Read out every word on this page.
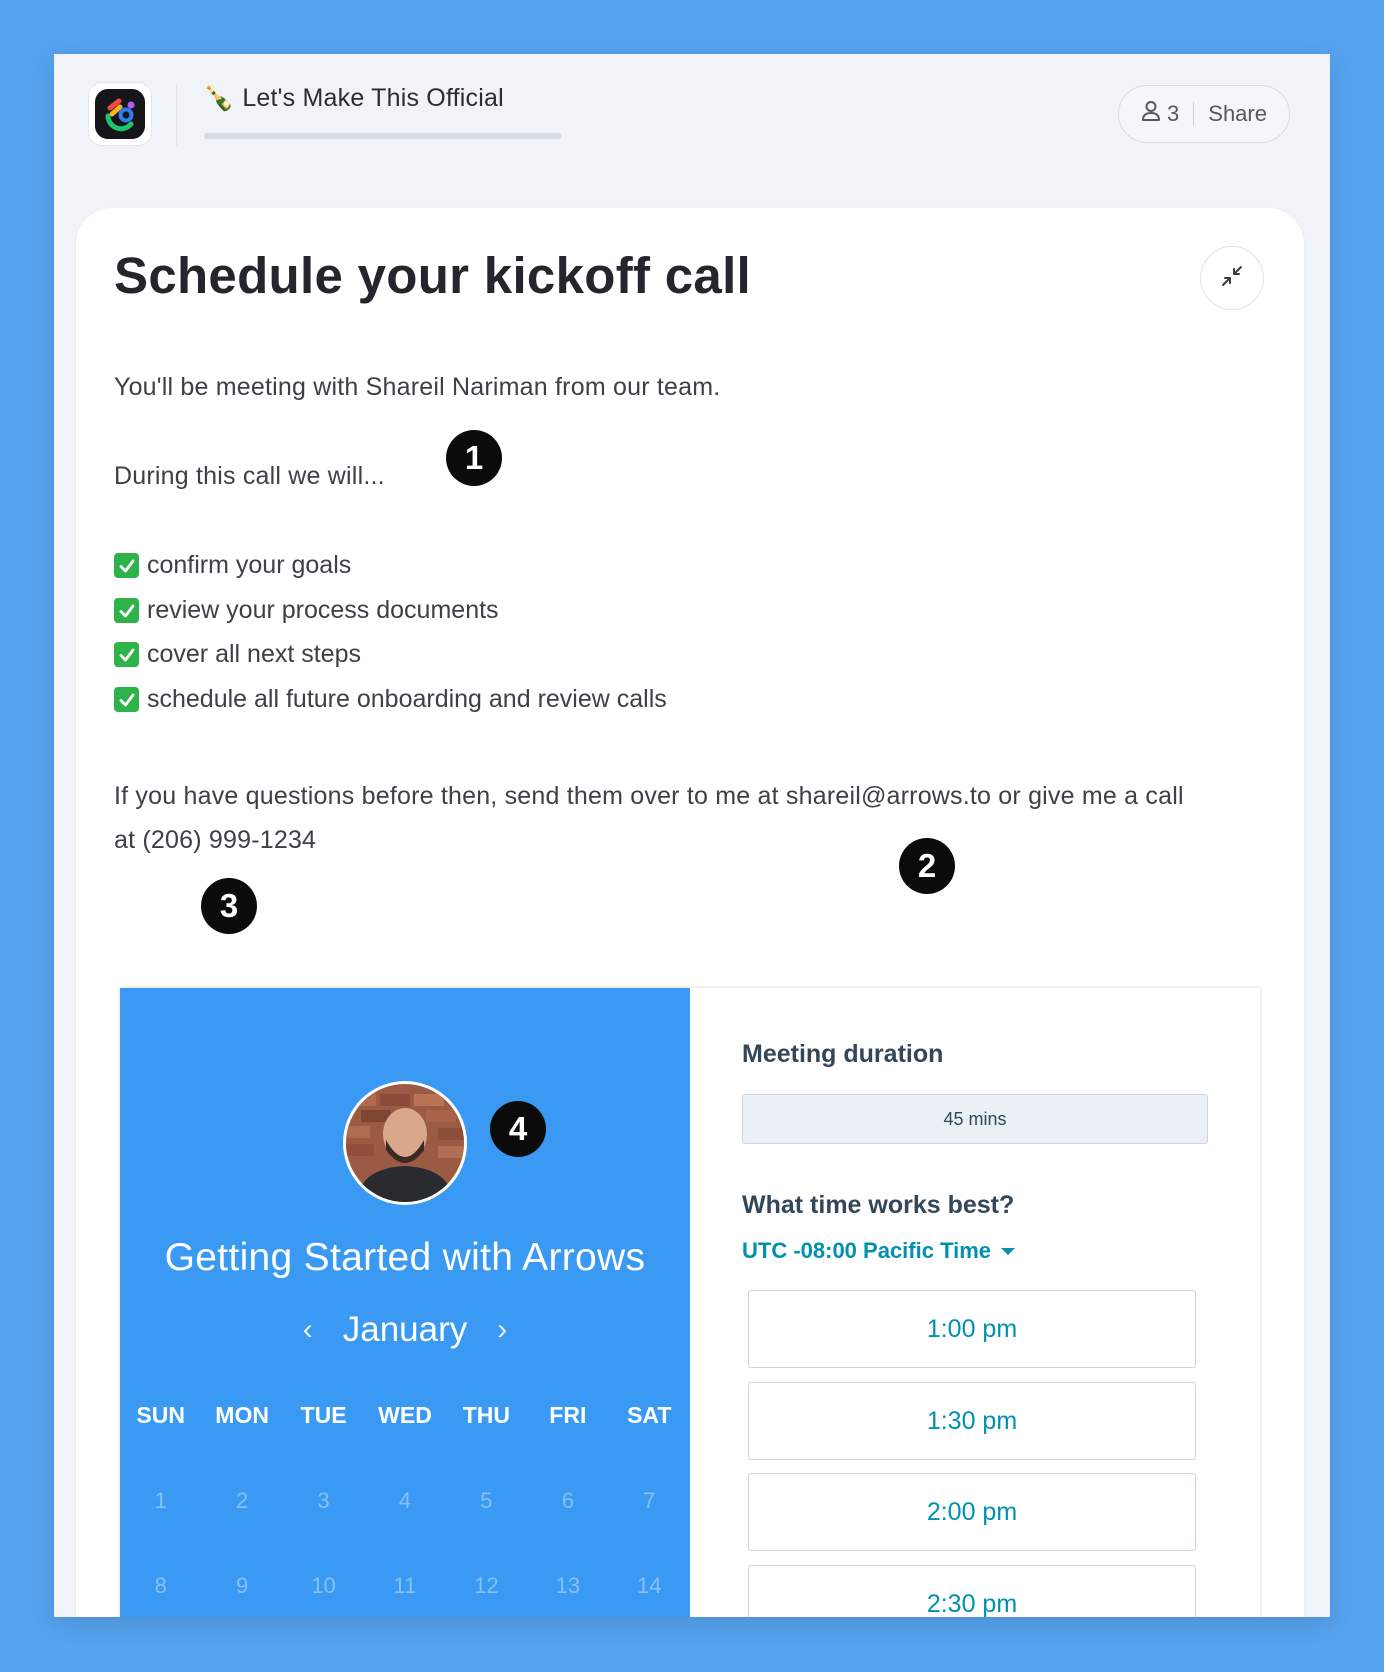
🍾 Let's Make This Official
3 Share
Schedule your kickoff call
You'll be meeting with Shareil Nariman from our team.
During this call we will...
confirm your goals
review your process documents
cover all next steps
schedule all future onboarding and review calls
If you have questions before then, send them over to me at shareil@arrows.to or give me a call
at (206) 999-1234
Getting Started with Arrows
‹ January ›
SUN	MON	TUE	WED	THU	FRI	SAT
1	2	3	4	5	6	7
8	9	10	11	12	13	14
Meeting duration
45 mins
What time works best?
UTC -08:00 Pacific Time
1:00 pm
1:30 pm
2:00 pm
2:30 pm
1
2
3
4
